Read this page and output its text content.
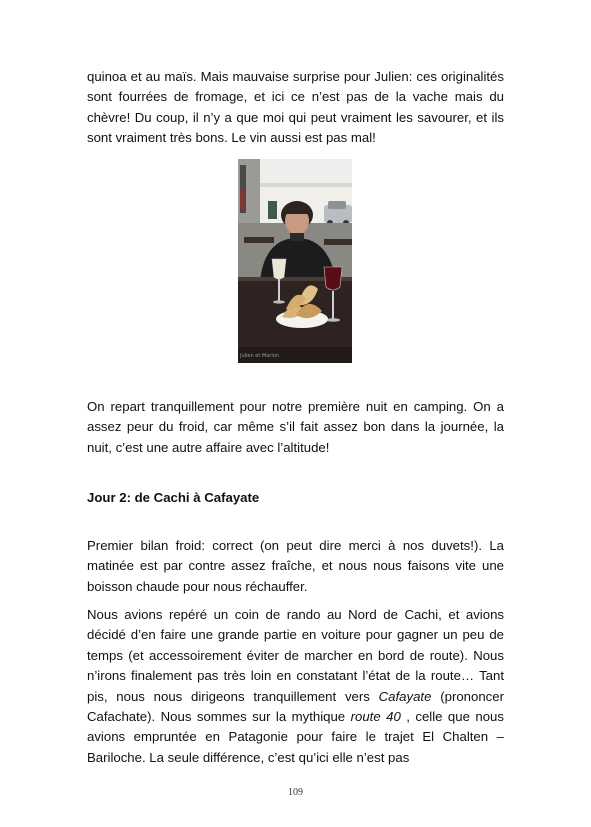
quinoa et au maïs. Mais mauvaise surprise pour Julien: ces originalités sont fourrées de fromage, et ici ce n’est pas de la vache mais du chèvre! Du coup, il n’y a que moi qui peut vraiment les savourer, et ils sont vraiment très bons. Le vin aussi est pas mal!

Julien et Marion

On repart tranquillement pour notre première nuit en camping. On a assez peur du froid, car même s’il fait assez bon dans la journée, la nuit, c’est une autre affaire avec l’altitude!

Jour 2: de Cachi à Cafayate

Premier bilan froid: correct (on peut dire merci à nos duvets!). La matinée est par contre assez fraîche, et nous nous faisons vite une boisson chaude pour nous réchauffer.

Nous avions repéré un coin de rando au Nord de Cachi, et avions décidé d’en faire une grande partie en voiture pour gagner un peu de temps (et accessoirement éviter de marcher en bord de route). Nous n’irons finalement pas très loin en constatant l’état de la route… Tant pis, nous nous dirigeons tranquillement vers Cafayate (prononcer Cafachate). Nous sommes sur la mythique route 40 , celle que nous avions empruntée en Patagonie pour faire le trajet El Chalten – Bariloche. La seule différence, c’est qu’ici elle n’est pas

109
